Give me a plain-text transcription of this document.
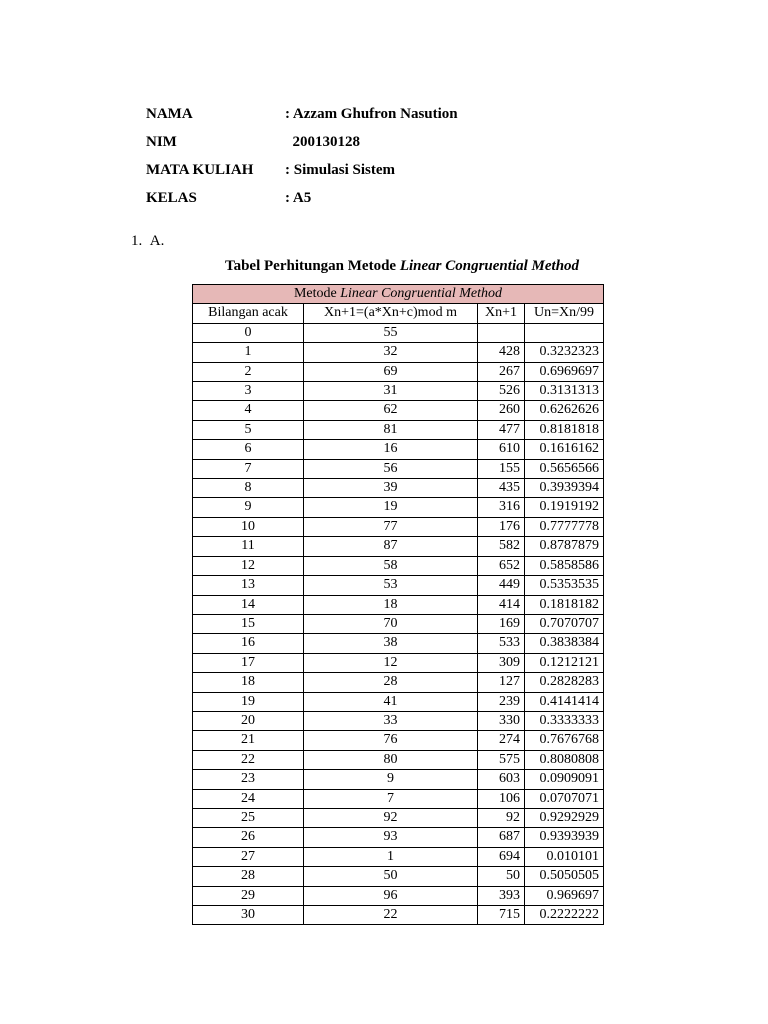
NAMA	: Azzam Ghufron Nasution
NIM	200130128
MATA KULIAH	: Simulasi Sistem
KELAS	: A5
1. A.
Tabel Perhitungan Metode Linear Congruential Method
Metode Linear Congruential Method			
Bilangan acak	Xn+1=(a*Xn+c)mod m	Xn+1	Un=Xn/99
0	55		
1	32	428	0.3232323
2	69	267	0.6969697
3	31	526	0.3131313
4	62	260	0.6262626
5	81	477	0.8181818
6	16	610	0.1616162
7	56	155	0.5656566
8	39	435	0.3939394
9	19	316	0.1919192
10	77	176	0.7777778
11	87	582	0.8787879
12	58	652	0.5858586
13	53	449	0.5353535
14	18	414	0.1818182
15	70	169	0.7070707
16	38	533	0.3838384
17	12	309	0.1212121
18	28	127	0.2828283
19	41	239	0.4141414
20	33	330	0.3333333
21	76	274	0.7676768
22	80	575	0.8080808
23	9	603	0.0909091
24	7	106	0.0707071
25	92	92	0.9292929
26	93	687	0.9393939
27	1	694	0.010101
28	50	50	0.5050505
29	96	393	0.969697
30	22	715	0.2222222
